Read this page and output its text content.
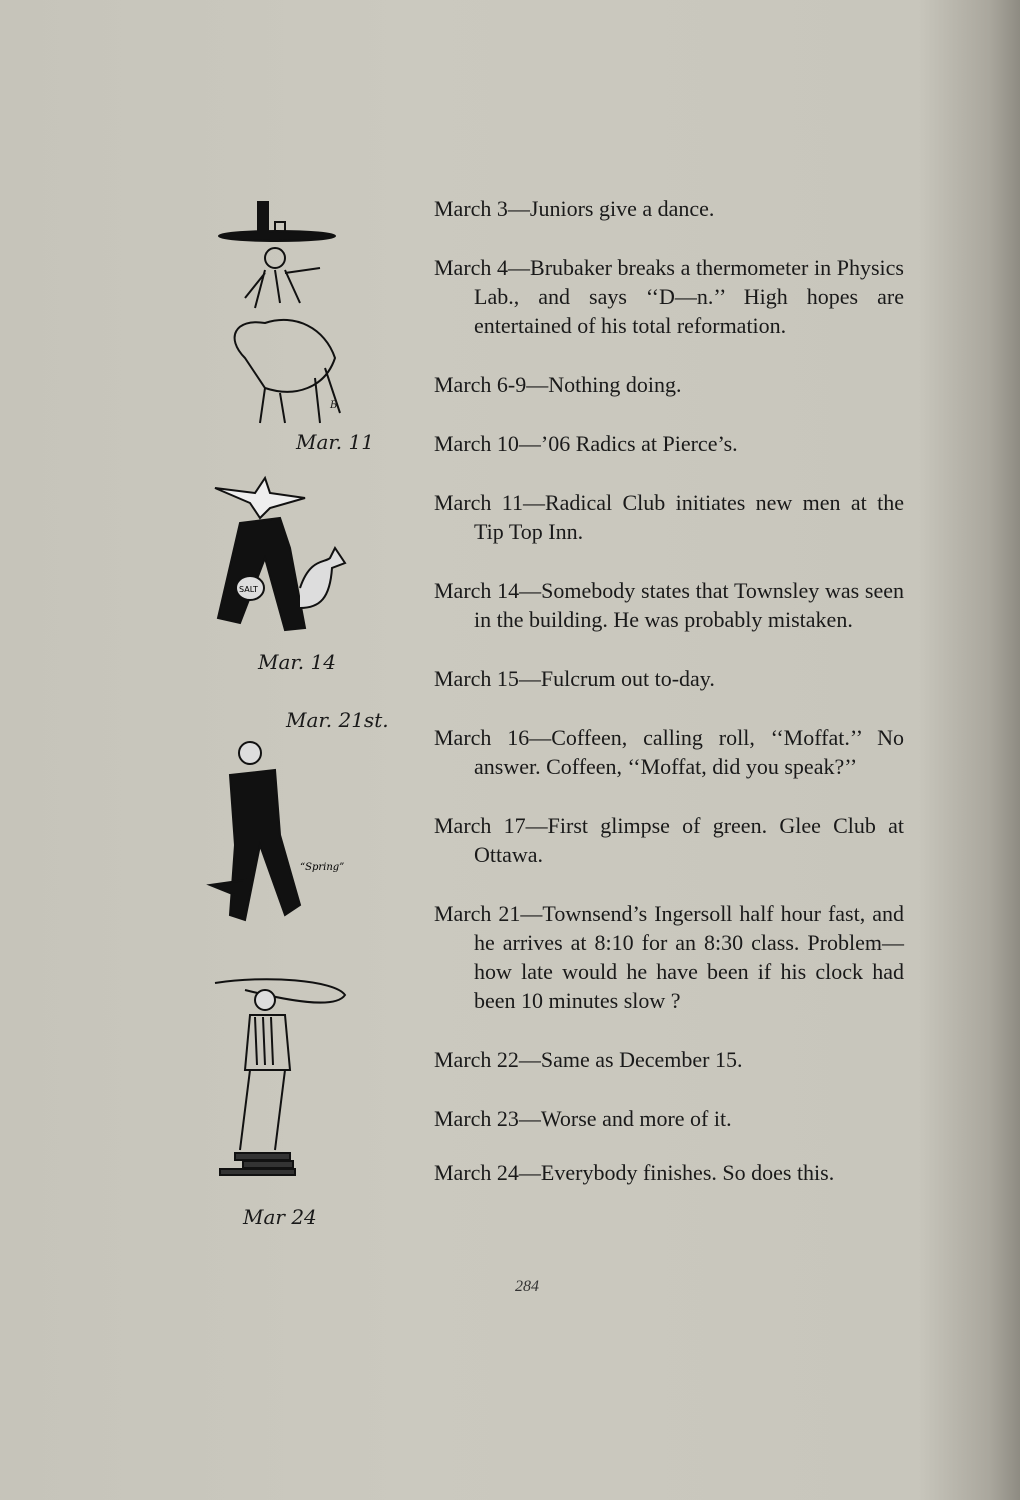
Mar. 11
B
SALT
Mar. 14
Mar. 21st.
“Spring”
Mar 24

March 3—Juniors give a dance.

March 4—Brubaker breaks a thermometer in Physics Lab., and says ‘‘D—n.’’ High hopes are entertained of his total reformation.

March 6-9—Nothing doing.

March 10—’06 Radics at Pierce’s.

March 11—Radical Club initiates new men at the Tip Top Inn.

March 14—Somebody states that Townsley was seen in the building. He was probably mistaken.

March 15—Fulcrum out to-day.

March 16—Coffeen, calling roll, ‘‘Moffat.’’ No answer. Coffeen, ‘‘Moffat, did you speak?’’

March 17—First glimpse of green. Glee Club at Ottawa.

March 21—Townsend’s Ingersoll half hour fast, and he arrives at 8:10 for an 8:30 class. Problem—how late would he have been if his clock had been 10 minutes slow ?

March 22—Same as December 15.

March 23—Worse and more of it.

March 24—Everybody finishes. So does this.

284
